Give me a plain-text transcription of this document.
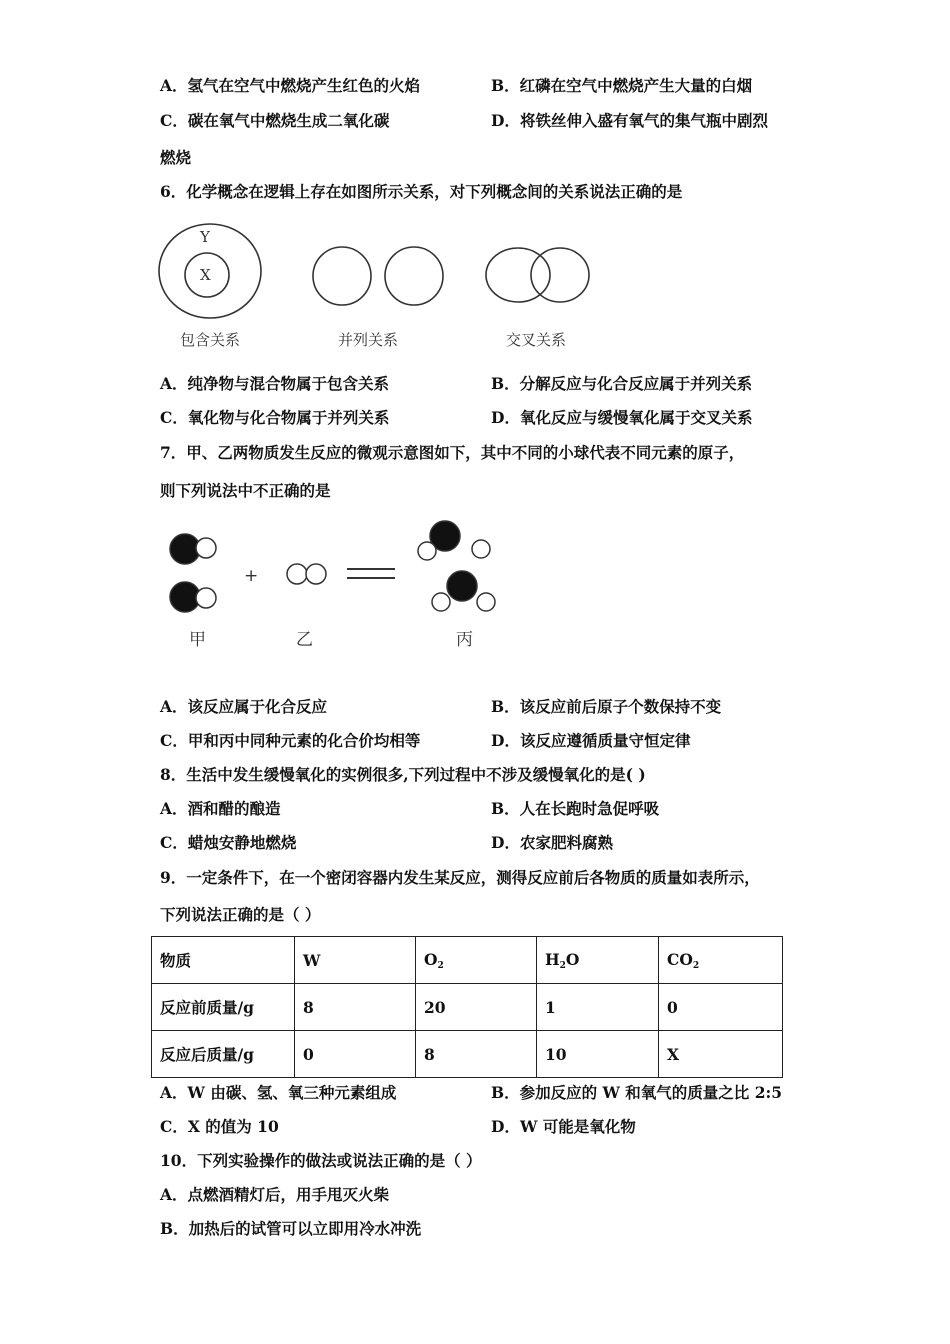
A．氢气在空气中燃烧产生红色的火焰	B．红磷在空气中燃烧产生大量的白烟
C．碳在氧气中燃烧生成二氧化碳	D．将铁丝伸入盛有氧气的集气瓶中剧烈
燃烧
6．化学概念在逻辑上存在如图所示关系，对下列概念间的关系说法正确的是
Y
X
包含关系	并列关系	交叉关系
A．纯净物与混合物属于包含关系	B．分解反应与化合反应属于并列关系
C．氧化物与化合物属于并列关系	D．氧化反应与缓慢氧化属于交叉关系
7．甲、乙两物质发生反应的微观示意图如下，其中不同的小球代表不同元素的原子，
则下列说法中不正确的是
+
甲	乙	丙
A．该反应属于化合反应	B．该反应前后原子个数保持不变
C．甲和丙中同种元素的化合价均相等	D．该反应遵循质量守恒定律
8．生活中发生缓慢氧化的实例很多,下列过程中不涉及缓慢氧化的是( )
A．酒和醋的酿造	B．人在长跑时急促呼吸
C．蜡烛安静地燃烧	D．农家肥料腐熟
9．一定条件下，在一个密闭容器内发生某反应，测得反应前后各物质的质量如表所示，
下列说法正确的是（ ）
物质	W	$O_2$	$H_2O$	$CO_2$
反应前质量/g	8	20	1	0
反应后质量/g	0	8	10	X
A．W 由碳、氢、氧三种元素组成	B．参加反应的 W 和氧气的质量之比 2:5
C．X 的值为 10	D．W 可能是氧化物
10．下列实验操作的做法或说法正确的是（ ）
A．点燃酒精灯后，用手甩灭火柴
B．加热后的试管可以立即用冷水冲洗
